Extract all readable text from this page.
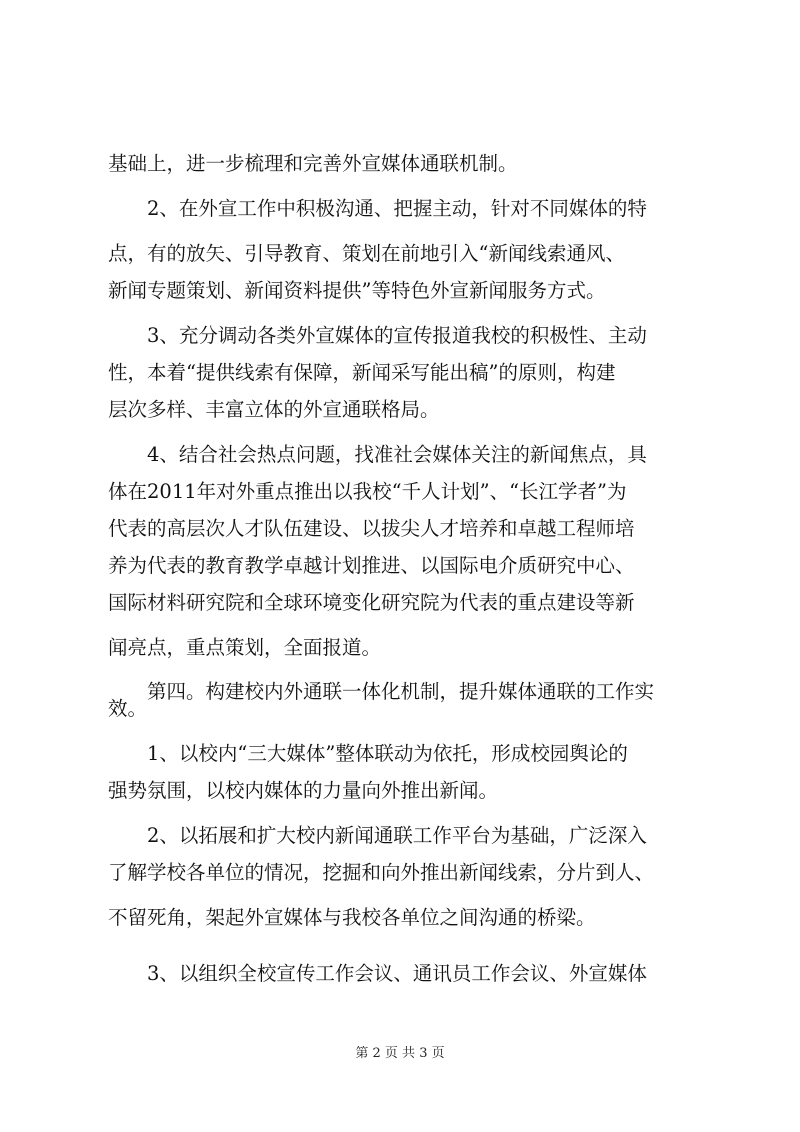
基础上，进一步梳理和完善外宣媒体通联机制。
　　2、在外宣工作中积极沟通、把握主动，针对不同媒体的特
点，有的放矢、引导教育、策划在前地引入“新闻线索通风、
新闻专题策划、新闻资料提供”等特色外宣新闻服务方式。
　　3、充分调动各类外宣媒体的宣传报道我校的积极性、主动
性，本着“提供线索有保障，新闻采写能出稿”的原则，构建
层次多样、丰富立体的外宣通联格局。
　　4、结合社会热点问题，找准社会媒体关注的新闻焦点，具
体在2011年对外重点推出以我校“千人计划”、“长江学者”为
代表的高层次人才队伍建设、以拔尖人才培养和卓越工程师培
养为代表的教育教学卓越计划推进、以国际电介质研究中心、
国际材料研究院和全球环境变化研究院为代表的重点建设等新
闻亮点，重点策划，全面报道。
　　第四。构建校内外通联一体化机制，提升媒体通联的工作实
效。
　　1、以校内“三大媒体”整体联动为依托，形成校园舆论的
强势氛围，以校内媒体的力量向外推出新闻。
　　2、以拓展和扩大校内新闻通联工作平台为基础，广泛深入
了解学校各单位的情况，挖掘和向外推出新闻线索，分片到人、
不留死角，架起外宣媒体与我校各单位之间沟通的桥梁。
　　3、以组织全校宣传工作会议、通讯员工作会议、外宣媒体
第 2 页 共 3 页
